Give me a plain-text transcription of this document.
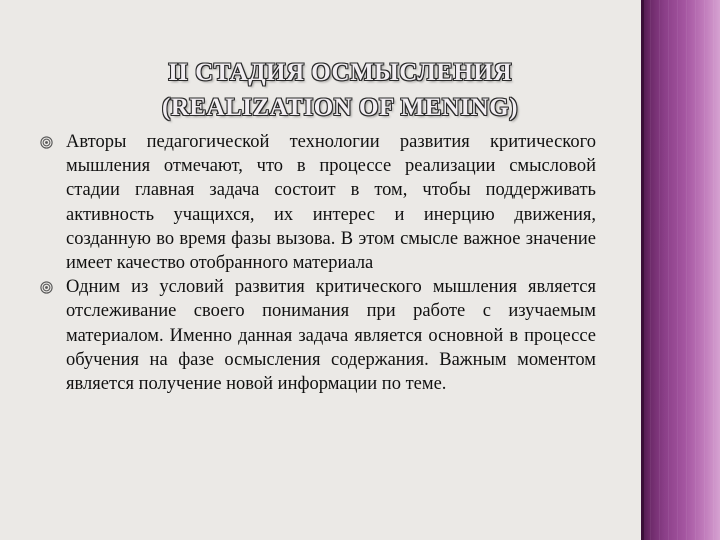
II СТАДИЯ ОСМЫСЛЕНИЯ
(REALIZATION OF MENING)
Авторы педагогической технологии развития критического мышления отмечают, что в процессе реализации смысловой стадии главная задача состоит в том, чтобы поддерживать активность учащихся, их интерес и инерцию движения, созданную во время фазы вызова. В этом смысле важное значение имеет качество отобранного материала
Одним из условий развития критического мышления является отслеживание своего понимания при работе с изучаемым материалом. Именно данная задача является основной в процессе обучения на фазе осмысления содержания. Важным моментом является получение новой информации по теме.
